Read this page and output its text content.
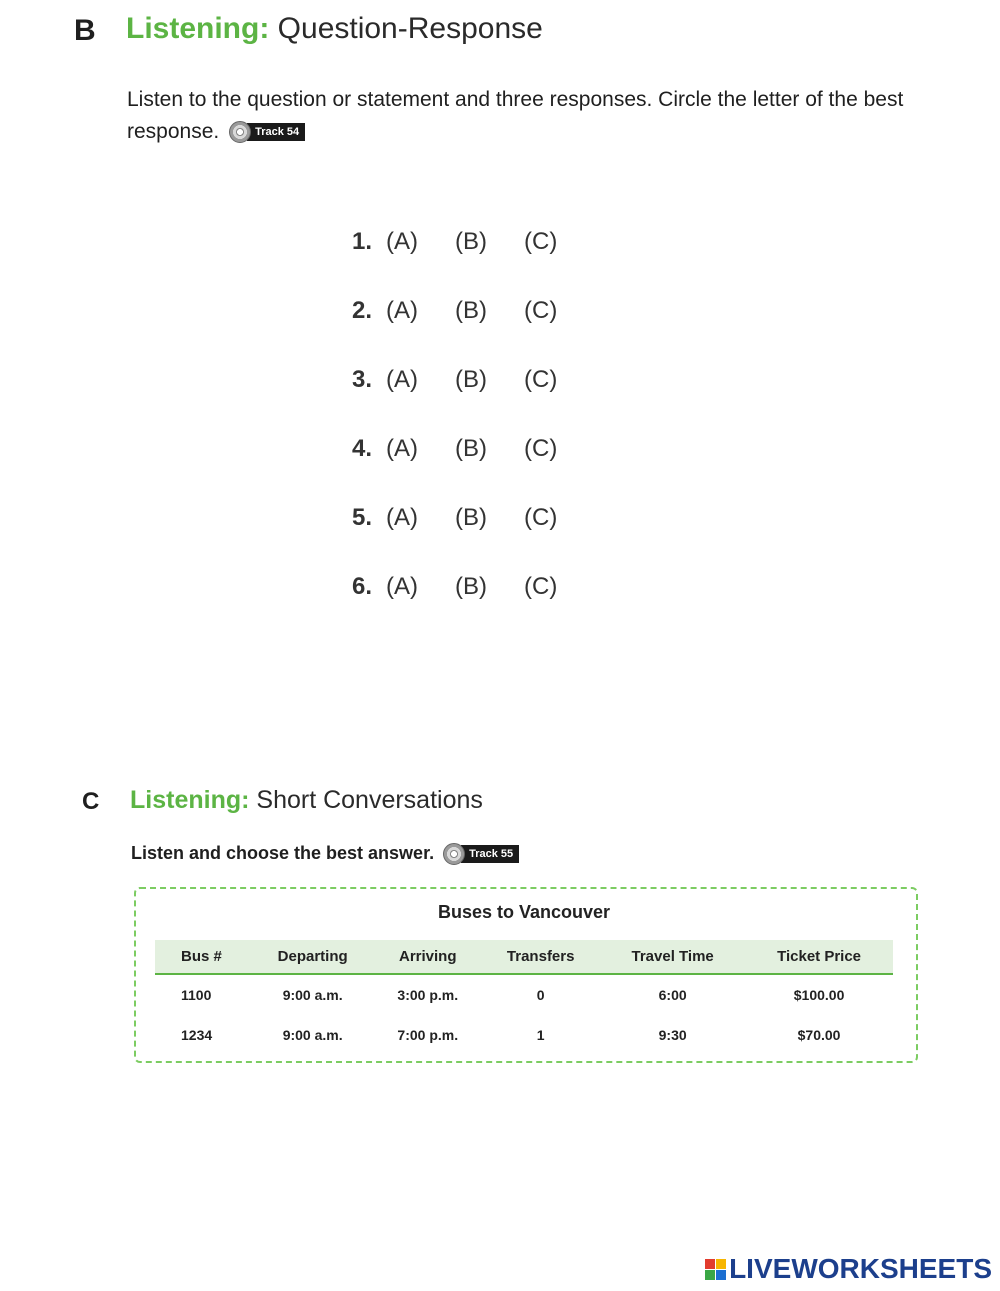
B Listening: Question-Response
Listen to the question or statement and three responses. Circle the letter of the best response.	Track 54
1. (A)	(B)	(C)
2. (A)	(B)	(C)
3. (A)	(B)	(C)
4. (A)	(B)	(C)
5. (A)	(B)	(C)
6. (A)	(B)	(C)
C Listening: Short Conversations
Listen and choose the best answer.	Track 55
Buses to Vancouver
Bus #	Departing	Arriving	Transfers	Travel Time	Ticket Price
1100	9:00 a.m.	3:00 p.m.	0	6:00	$100.00
1234	9:00 a.m.	7:00 p.m.	1	9:30	$70.00
LIVEWORKSHEETS
